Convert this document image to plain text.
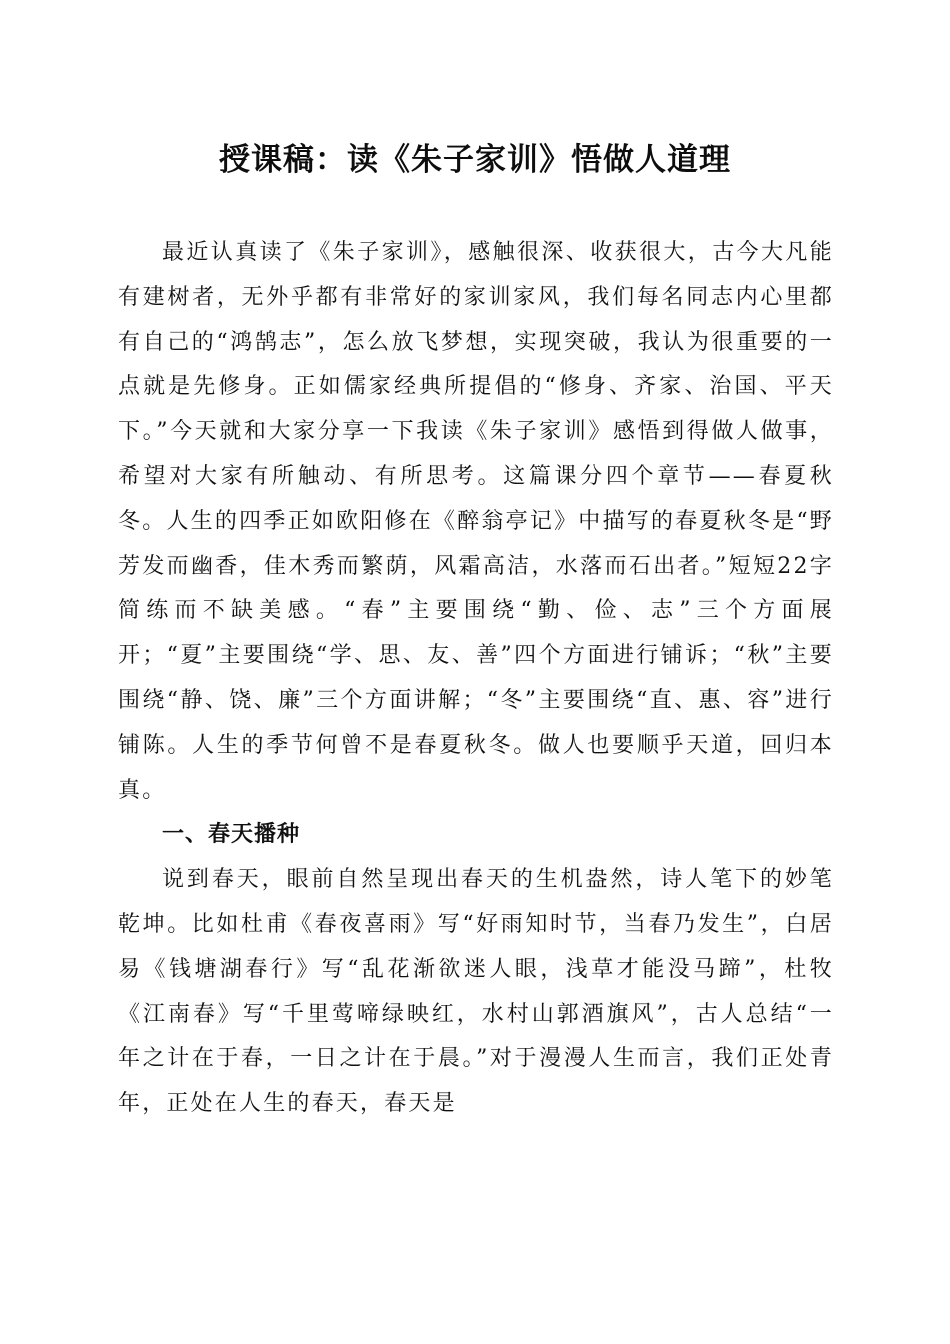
授课稿：读《朱子家训》悟做人道理

最近认真读了《朱子家训》，感触很深、收获很大，古今大凡能有建树者，无外乎都有非常好的家训家风，我们每名同志内心里都有自己的“鸿鹄志”，怎么放飞梦想，实现突破，我认为很重要的一点就是先修身。正如儒家经典所提倡的“修身、齐家、治国、平天下。”今天就和大家分享一下我读《朱子家训》感悟到得做人做事，希望对大家有所触动、有所思考。这篇课分四个章节——春夏秋冬。人生的四季正如欧阳修在《醉翁亭记》中描写的春夏秋冬是“野芳发而幽香，佳木秀而繁荫，风霜高洁，水落而石出者。”短短22字简练而不缺美感。“春”主要围绕“勤、俭、志”三个方面展开；“夏”主要围绕“学、思、友、善”四个方面进行铺诉；“秋”主要围绕“静、饶、廉”三个方面讲解；“冬”主要围绕“直、惠、容”进行铺陈。人生的季节何曾不是春夏秋冬。做人也要顺乎天道，回归本真。

一、春天播种

说到春天，眼前自然呈现出春天的生机盎然，诗人笔下的妙笔乾坤。比如杜甫《春夜喜雨》写“好雨知时节，当春乃发生”，白居易《钱塘湖春行》写“乱花渐欲迷人眼，浅草才能没马蹄”，杜牧《江南春》写“千里莺啼绿映红，水村山郭酒旗风”，古人总结“一年之计在于春，一日之计在于晨。”对于漫漫人生而言，我们正处青年，正处在人生的春天，春天是
